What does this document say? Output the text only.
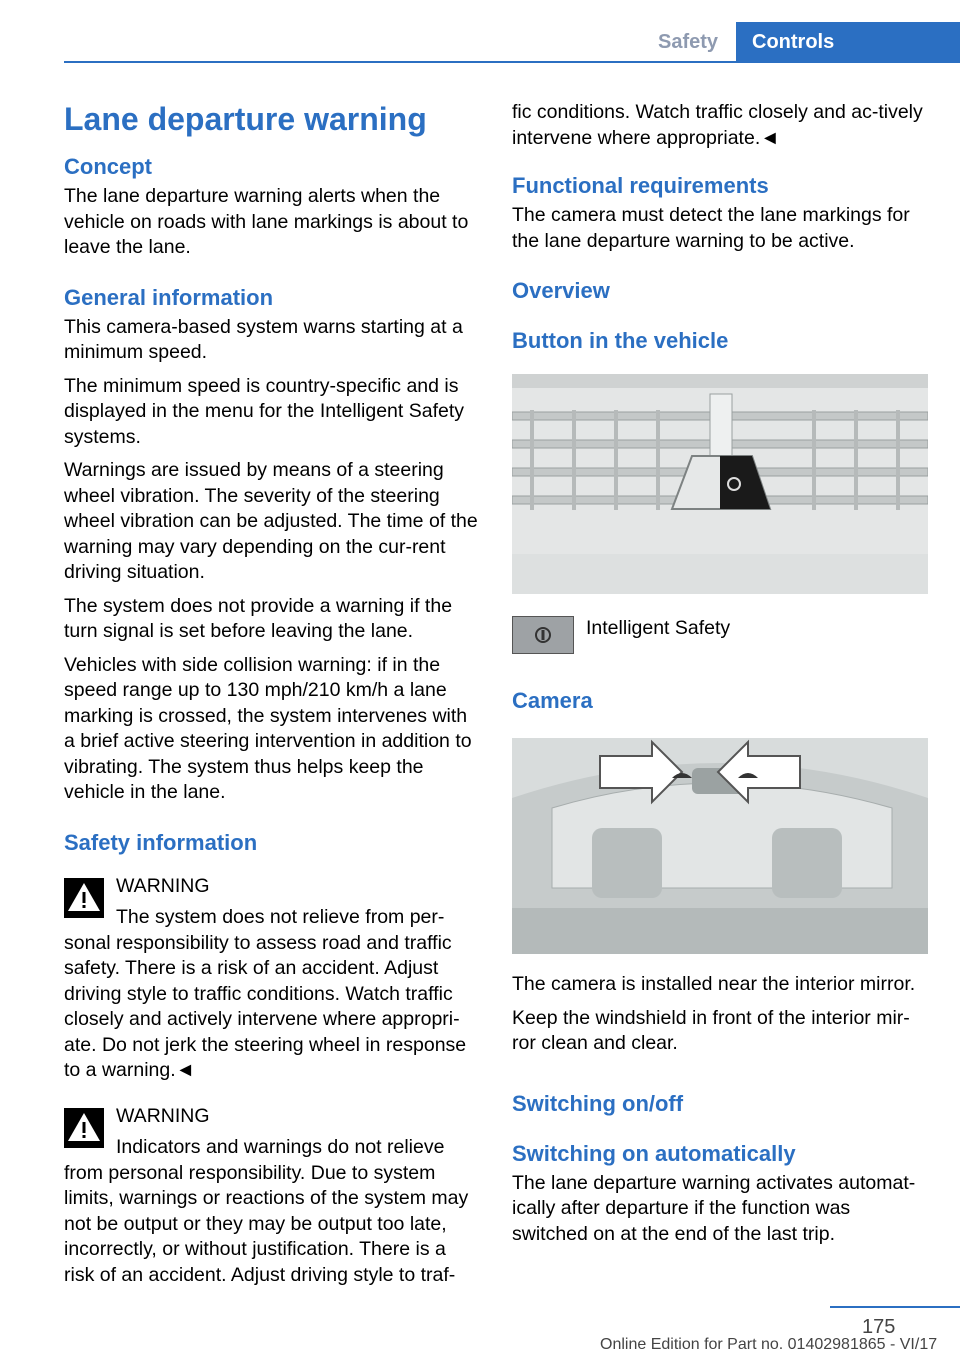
Safety	Controls
Lane departure warning
Concept

The lane departure warning alerts when the vehicle on roads with lane markings is about to leave the lane.

General information

This camera-based system warns starting at a minimum speed.

The minimum speed is country-specific and is displayed in the menu for the Intelligent Safety systems.

Warnings are issued by means of a steering wheel vibration. The severity of the steering wheel vibration can be adjusted. The time of the warning may vary depending on the cur-rent driving situation.

The system does not provide a warning if the turn signal is set before leaving the lane.

Vehicles with side collision warning: if in the speed range up to 130 mph/210 km/h a lane marking is crossed, the system intervenes with a brief active steering intervention in addition to vibrating. The system thus helps keep the vehicle in the lane.

Safety information
WARNING

The system does not relieve from per-sonal responsibility to assess road and traffic safety. There is a risk of an accident. Adjust driving style to traffic conditions. Watch traffic closely and actively intervene where appropri-ate. Do not jerk the steering wheel in response to a warning.◄

WARNING

Indicators and warnings do not relieve from personal responsibility. Due to system limits, warnings or reactions of the system may not be output or they may be output too late, incorrectly, or without justification. There is a risk of an accident. Adjust driving style to traf-

fic conditions. Watch traffic closely and ac-tively intervene where appropriate.◄

Functional requirements

The camera must detect the lane markings for the lane departure warning to be active.

Overview
Button in the vehicle
Intelligent Safety
Camera

The camera is installed near the interior mirror.

Keep the windshield in front of the interior mir-ror clean and clear.

Switching on/off
Switching on automatically

The lane departure warning activates automat-ically after departure if the function was switched on at the end of the last trip.

175
Online Edition for Part no. 01402981865 - VI/17
